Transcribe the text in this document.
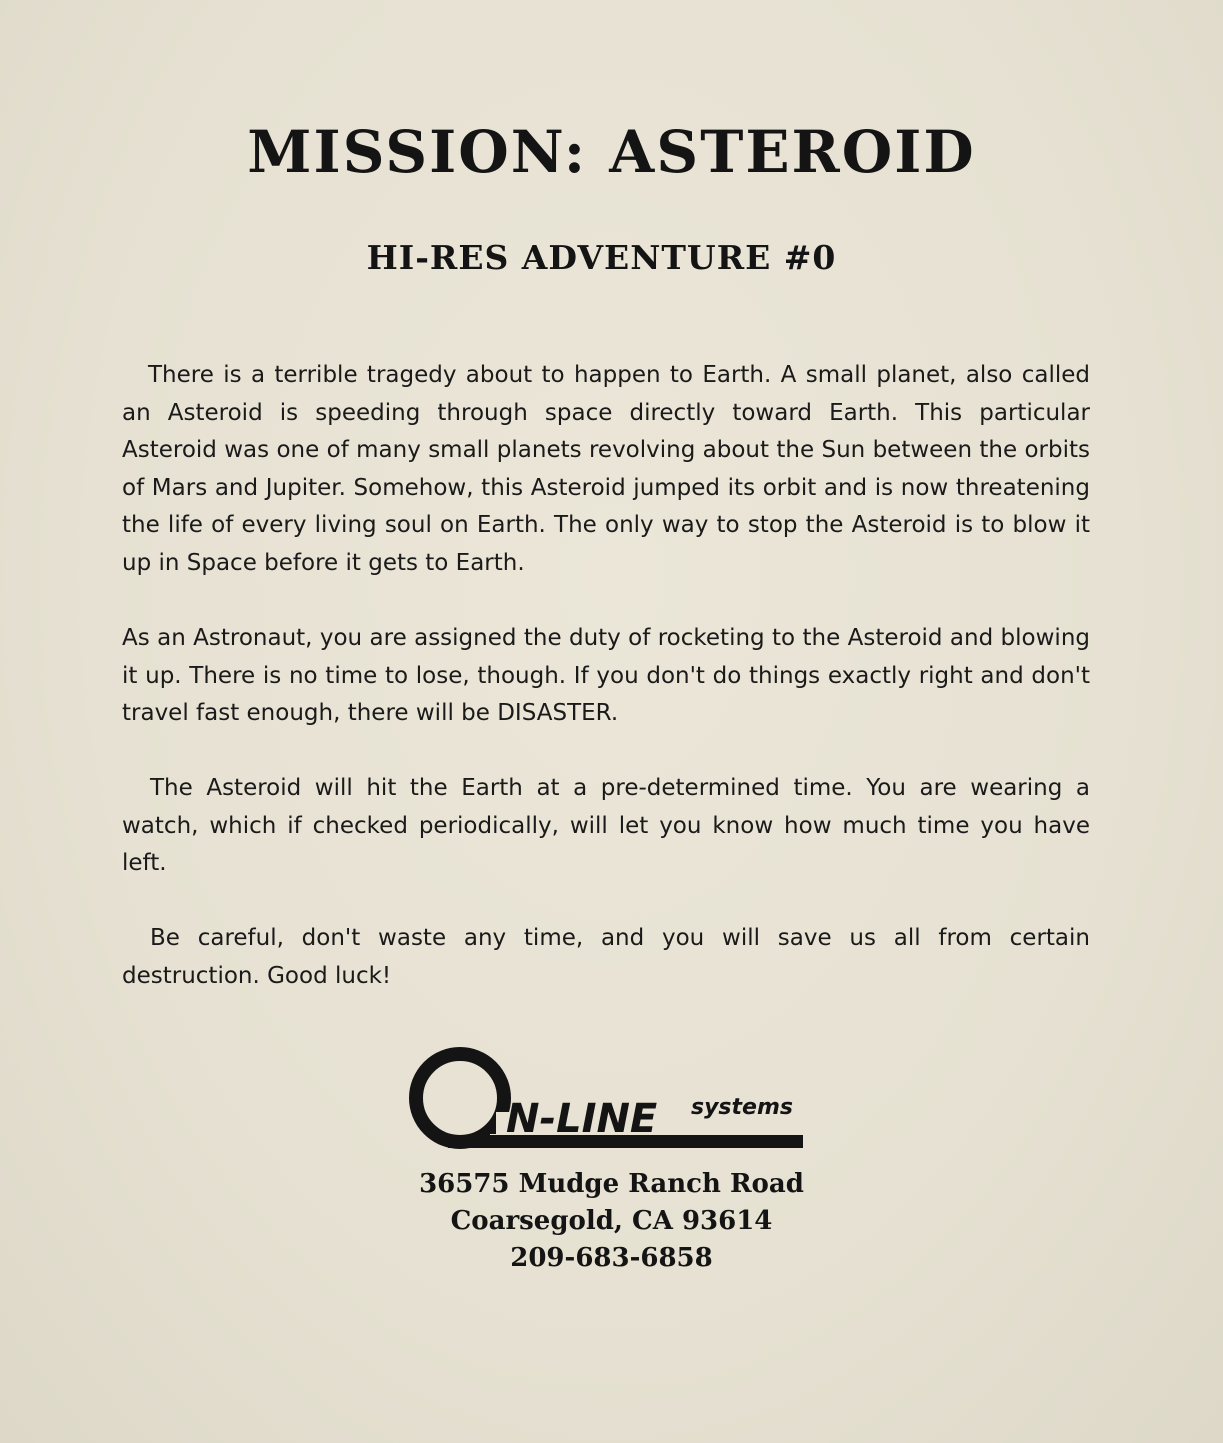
MISSION: ASTEROID
HI-RES ADVENTURE #0

There is a terrible tragedy about to happen to Earth. A small planet, also called an Asteroid is speeding through space directly toward Earth. This particular Asteroid was one of many small planets revolving about the Sun between the orbits of Mars and Jupiter. Somehow, this Asteroid jumped its orbit and is now threatening the life of every living soul on Earth. The only way to stop the Asteroid is to blow it up in Space before it gets to Earth.

As an Astronaut, you are assigned the duty of rocketing to the Asteroid and blowing it up. There is no time to lose, though. If you don't do things exactly right and don't travel fast enough, there will be DISASTER.

The Asteroid will hit the Earth at a pre-determined time. You are wearing a watch, which if checked periodically, will let you know how much time you have left.

Be careful, don't waste any time, and you will save us all from certain destruction. Good luck!

N-LINE systems
36575 Mudge Ranch Road
Coarsegold, CA 93614
209-683-6858
